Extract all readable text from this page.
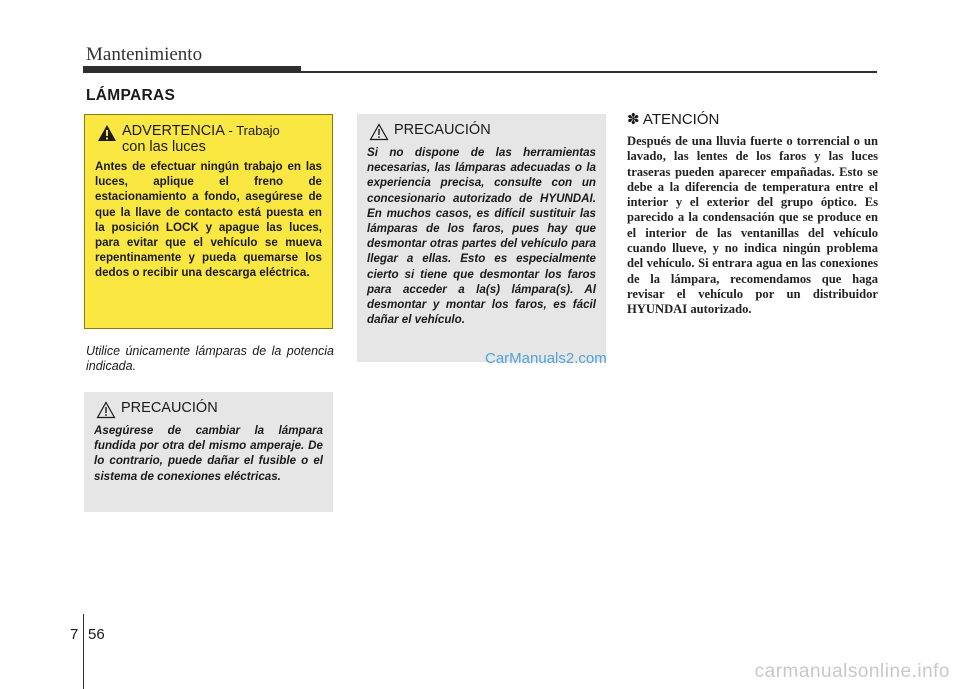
Mantenimiento
LÁMPARAS
ADVERTENCIA - Trabajo
con las luces
Antes de efectuar ningún trabajo en las luces, aplique el freno de estacionamiento a fondo, asegúrese de que la llave de contacto está puesta en la posición LOCK y apague las luces, para evitar que el vehículo se mueva repentinamente y pueda quemarse los dedos o recibir una descarga eléctrica.
Utilice únicamente lámparas de la potencia indicada.
PRECAUCIÓN
Asegúrese de cambiar la lámpara fundida por otra del mismo amperaje. De lo contrario, puede dañar el fusible o el sistema de conexiones eléctricas.
PRECAUCIÓN
Si no dispone de las herramientas necesarias, las lámparas adecuadas o la experiencia precisa, consulte con un concesionario autorizado de HYUNDAI. En muchos casos, es difícil sustituir las lámparas de los faros, pues hay que desmontar otras partes del vehículo para llegar a ellas. Esto es especialmente cierto si tiene que desmontar los faros para acceder a la(s) lámpara(s). Al desmontar y montar los faros, es fácil dañar el vehículo.
✽ ATENCIÓN
Después de una lluvia fuerte o torrencial o un lavado, las lentes de los faros y las luces traseras pueden aparecer empañadas. Esto se debe a la diferencia de temperatura entre el interior y el exterior del grupo óptico. Es parecido a la condensación que se produce en el interior de las ventanillas del vehículo cuando llueve, y no indica ningún problema del vehículo. Si entrara agua en las conexiones de la lámpara, recomendamos que haga revisar el vehículo por un distribuidor HYUNDAI autorizado.
CarManuals2.com
7 56
carmanualsonline.info
